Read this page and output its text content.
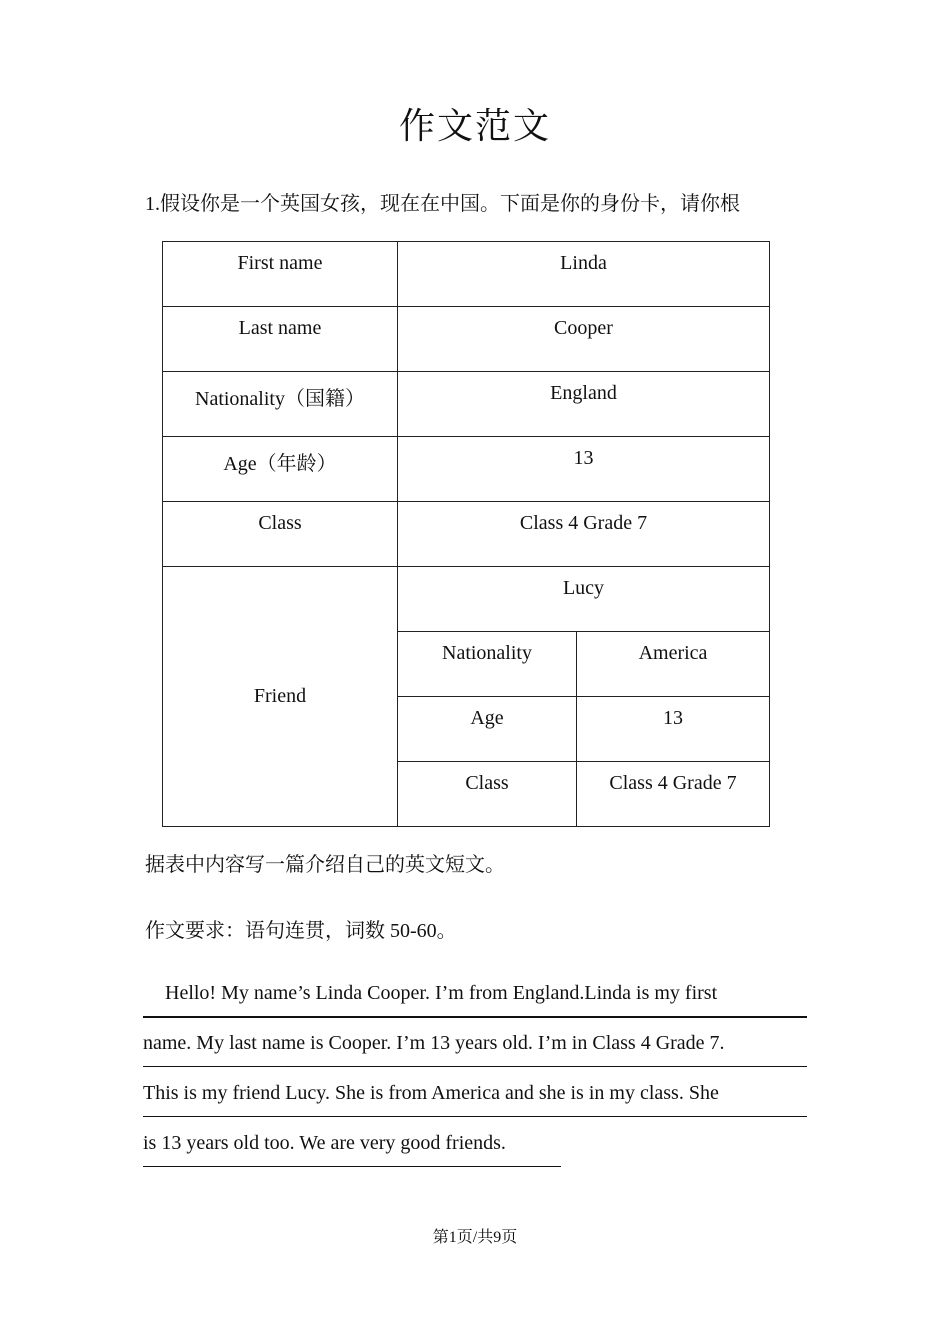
作文范文
1.假设你是一个英国女孩，现在在中国。下面是你的身份卡，请你根
First name	Linda	
Last name	Cooper	
Nationality（国籍）	England	
Age（年龄）	13	
Class	Class 4 Grade 7	
Friend	Lucy	
	Nationality	America
	Age	13
	Class	Class 4 Grade 7
据表中内容写一篇介绍自己的英文短文。
作文要求：语句连贯，词数 50-60。
Hello! My name’s Linda Cooper. I’m from England.Linda is my first
name. My last name is Cooper. I’m 13 years old. I’m in Class 4 Grade 7.
This is my friend Lucy. She is from America and she is in my class. She
is 13 years old too. We are very good friends.
第1页/共9页
